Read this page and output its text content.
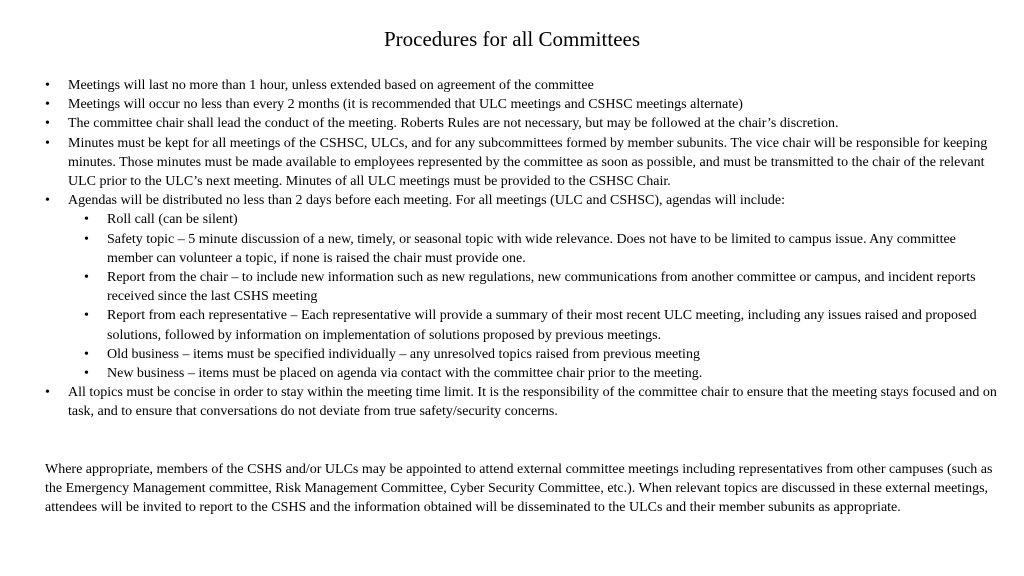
Procedures for all Committees
• Meetings will last no more than 1 hour, unless extended based on agreement of the committee
• Meetings will occur no less than every 2 months (it is recommended that ULC meetings and CSHSC meetings alternate)
• The committee chair shall lead the conduct of the meeting. Roberts Rules are not necessary, but may be followed at the chair’s discretion.
• Minutes must be kept for all meetings of the CSHSC, ULCs, and for any subcommittees formed by member subunits. The vice chair will be responsible for keeping minutes. Those minutes must be made available to employees represented by the committee as soon as possible, and must be transmitted to the chair of the relevant ULC prior to the ULC’s next meeting. Minutes of all ULC meetings must be provided to the CSHSC Chair.
• Agendas will be distributed no less than 2 days before each meeting. For all meetings (ULC and CSHSC), agendas will include:
• Roll call (can be silent)
• Safety topic – 5 minute discussion of a new, timely, or seasonal topic with wide relevance. Does not have to be limited to campus issue. Any committee member can volunteer a topic, if none is raised the chair must provide one.
• Report from the chair – to include new information such as new regulations, new communications from another committee or campus, and incident reports received since the last CSHS meeting
• Report from each representative – Each representative will provide a summary of their most recent ULC meeting, including any issues raised and proposed solutions, followed by information on implementation of solutions proposed by previous meetings.
• Old business – items must be specified individually – any unresolved topics raised from previous meeting
• New business – items must be placed on agenda via contact with the committee chair prior to the meeting.
• All topics must be concise in order to stay within the meeting time limit. It is the responsibility of the committee chair to ensure that the meeting stays focused and on task, and to ensure that conversations do not deviate from true safety/security concerns.

Where appropriate, members of the CSHS and/or ULCs may be appointed to attend external committee meetings including representatives from other campuses (such as the Emergency Management committee, Risk Management Committee, Cyber Security Committee, etc.). When relevant topics are discussed in these external meetings, attendees will be invited to report to the CSHS and the information obtained will be disseminated to the ULCs and their member subunits as appropriate.
